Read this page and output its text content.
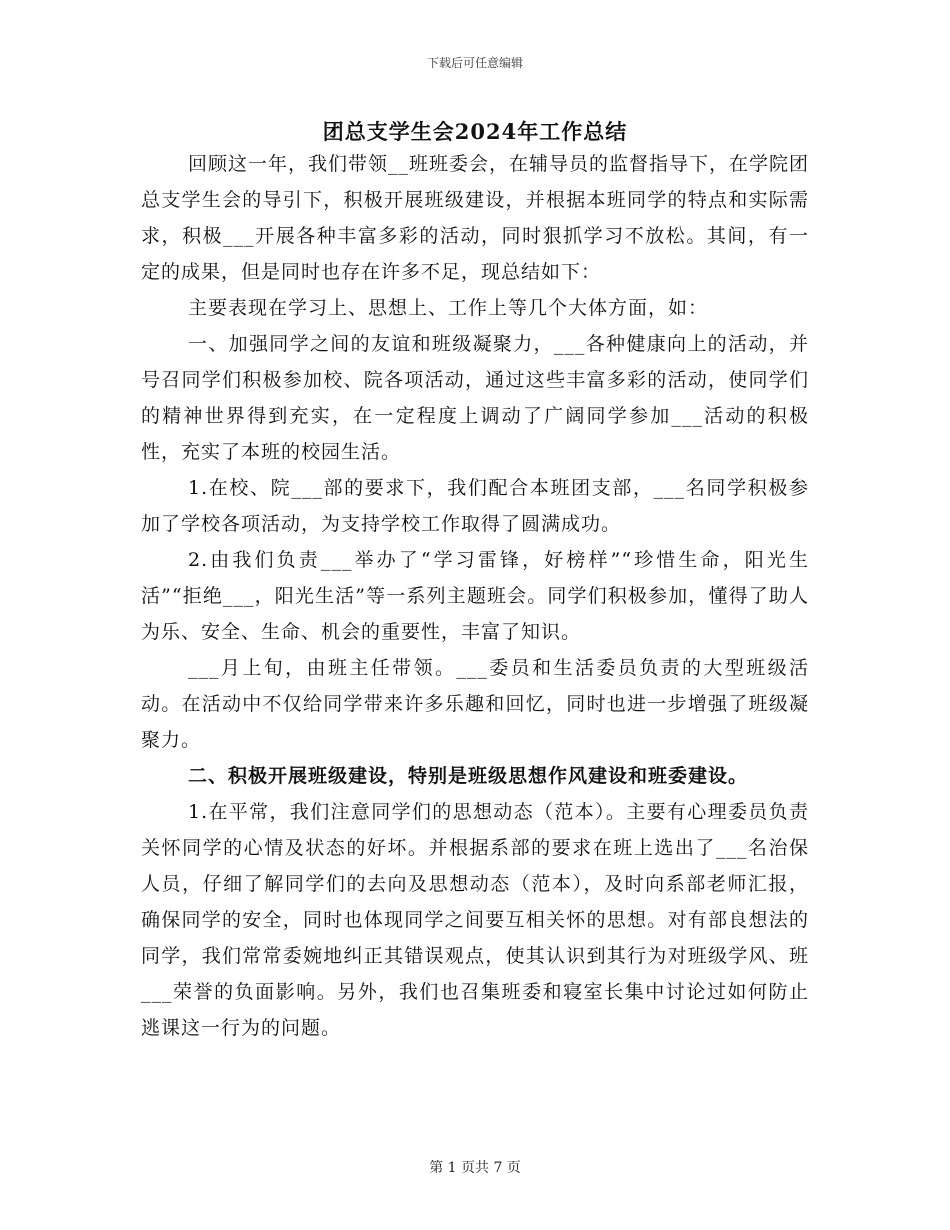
下载后可任意编辑
团总支学生会2024年工作总结

回顾这一年，我们带领__班班委会，在辅导员的监督指导下，在学院团总支学生会的导引下，积极开展班级建设，并根据本班同学的特点和实际需求，积极___开展各种丰富多彩的活动，同时狠抓学习不放松。其间，有一定的成果，但是同时也存在许多不足，现总结如下：

主要表现在学习上、思想上、工作上等几个大体方面，如：

一、加强同学之间的友谊和班级凝聚力，___各种健康向上的活动，并号召同学们积极参加校、院各项活动，通过这些丰富多彩的活动，使同学们的精神世界得到充实，在一定程度上调动了广阔同学参加___活动的积极性，充实了本班的校园生活。

1.在校、院___部的要求下，我们配合本班团支部，___名同学积极参加了学校各项活动，为支持学校工作取得了圆满成功。

2.由我们负责___举办了“学习雷锋，好榜样”“珍惜生命，阳光生活”“拒绝___，阳光生活”等一系列主题班会。同学们积极参加，懂得了助人为乐、安全、生命、机会的重要性，丰富了知识。

___月上旬，由班主任带领。___委员和生活委员负责的大型班级活动。在活动中不仅给同学带来许多乐趣和回忆，同时也进一步增强了班级凝聚力。

二、积极开展班级建设，特别是班级思想作风建设和班委建设。

1.在平常，我们注意同学们的思想动态（范本）。主要有心理委员负责关怀同学的心情及状态的好坏。并根据系部的要求在班上选出了___名治保人员，仔细了解同学们的去向及思想动态（范本），及时向系部老师汇报，确保同学的安全，同时也体现同学之间要互相关怀的思想。对有部良想法的同学，我们常常委婉地纠正其错误观点，使其认识到其行为对班级学风、班___荣誉的负面影响。另外，我们也召集班委和寝室长集中讨论过如何防止逃课这一行为的问题。

第 1 页共 7 页
